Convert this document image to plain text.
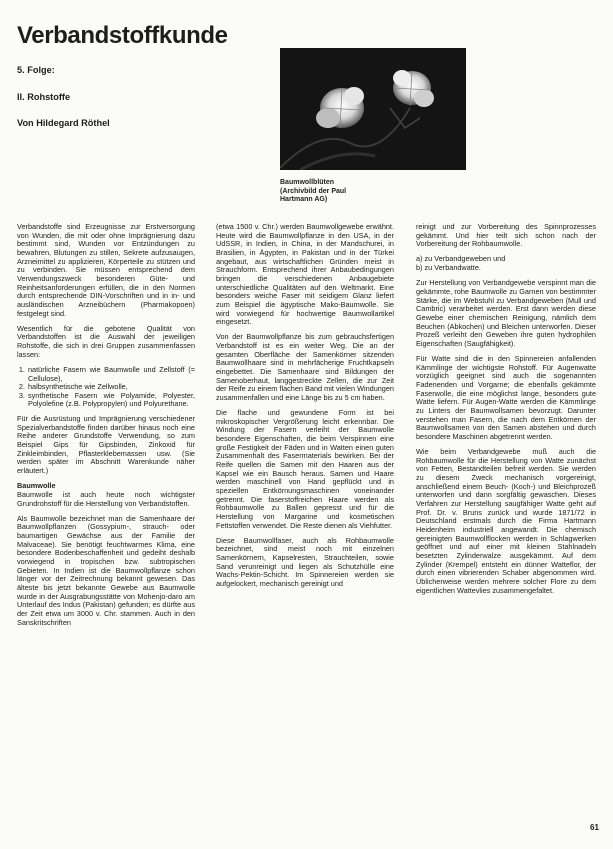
Verbandstoffkunde

5. Folge:

II. Rohstoffe

Von Hildegard Röthel

Baumwollblüten (Archivbild der Paul Hartmann AG)

Verbandstoffe sind Erzeugnisse zur Erstversorgung von Wunden, die mit oder ohne Imprägnierung dazu bestimmt sind, Wunden vor Entzündungen zu bewahren, Blutungen zu stillen, Sekrete aufzusaugen, Arzneimittel zu applizieren, Körperteile zu stützen und zu verbinden. Sie müssen entsprechend dem Verwendungszweck besonderen Güte- und Reinheitsanforderungen erfüllen, die in den Normen durch entsprechende DIN-Vorschriften und in in- und ausländischen Arzneibüchern (Pharmakopoen) festgelegt sind.

Wesentlich für die gebotene Qualität von Verbandstoffen ist die Auswahl der jeweiligen Rohstoffe, die sich in drei Gruppen zusammenfassen lassen:

1. natürliche Fasern wie Baumwolle und Zellstoff (= Cellulose),
2. halbsynthetische wie Zellwolle,
3. synthetische Fasern wie Polyamide, Polyester, Polyolefine (z.B. Polypropylen) und Polyurethane.

Für die Ausrüstung und Imprägnierung verschiedener Spezialverbandstoffe finden darüber hinaus noch eine Reihe anderer Grundstoffe Verwendung, so zum Beispiel Gips für Gipsbinden, Zinkoxid für Zinkleimbinden, Pflasterklebemassen usw. (Sie werden später im Abschnitt Warenkunde näher erläutert.)

Baumwolle

Baumwolle ist auch heute noch wichtigster Grundrohstoff für die Herstellung von Verbandstoffen.

Als Baumwolle bezeichnet man die Samenhaare der Baumwollpflanzen (Gossypium-, strauch- oder baumartigen Gewächse aus der Familie der Malvaceae). Sie benötigt feuchtwarmes Klima, eine besondere Bodenbeschaffenheit und gedeiht deshalb vorwiegend in tropischen bzw. subtropischen Gebieten. In Indien ist die Baumwollpflanze schon länger vor der Zeitrechnung bekannt gewesen. Das älteste bis jetzt bekannte Gewebe aus Baumwolle wurde in der Ausgrabungsstätte von Mohenjo-daro am Unterlauf des Indus (Pakistan) gefunden; es dürfte aus der Zeit etwa um 3000 v. Chr. stammen. Auch in den Sanskritschriften

(etwa 1500 v. Chr.) werden Baumwollgewebe erwähnt. Heute wird die Baumwollpflanze in den USA, in der UdSSR, in Indien, in China, in der Mandschurei, in Brasilien, in Ägypten, in Pakistan und in der Türkei angebaut, aus wirtschaftlichen Gründen meist in Strauchform. Entsprechend ihrer Anbaubedingungen bringen die verschiedenen Anbaugebiete unterschiedliche Qualitäten auf den Weltmarkt. Eine besonders weiche Faser mit seidigem Glanz liefert zum Beispiel die ägyptische Mako-Baumwolle. Sie wird vorwiegend für hochwertige Baumwollartikel eingesetzt.

Von der Baumwollpflanze bis zum gebrauchsfertigen Verbandstoff ist es ein weiter Weg. Die an der gesamten Oberfläche der Samenkörner sitzenden Baumwollhaare sind in mehrfächerige Fruchtkapseln eingebettet. Die Samenhaare sind Bildungen der Samenoberhaut, langgestreckte Zellen, die zur Zeit der Reife zu einem flachen Band mit vielen Windungen zusammenfallen und eine Länge bis zu 5 cm haben.

Die flache und gewundene Form ist bei mikroskopischer Vergrößerung leicht erkennbar. Die Windung der Fasern verleiht der Baumwolle besondere Eigenschaften, die beim Verspinnen eine große Festigkeit der Fäden und in Watten einen guten Zusammenhalt des Fasermaterials bewirken. Bei der Reife quellen die Samen mit den Haaren aus der Kapsel wie ein Bausch heraus. Samen und Haare werden maschinell von Hand gepflückt und in speziellen Entkörnungsmaschinen voneinander getrennt. Die faserstoffreichen Haare werden als Rohbaumwolle zu Ballen gepresst und für die Herstellung von Margarine und kosmetischen Fettstoffen verwendet. Die Reste dienen als Viehfutter.

Diese Baumwollfaser, auch als Rohbaumwolle bezeichnet, sind meist noch mit einzelnen Samenkörnern, Kapselresten, Strauchteilen, sowie Sand verunreinigt und liegen als Schutzhülle eine Wachs-Pektin-Schicht. Im Spinnereien werden sie aufgelockert, mechanisch gereinigt und

reinigt und zur Vorbereitung des Spinnprozesses gekämmt. Und hier teilt sich schon nach der Vorbereitung der Rohbaumwolle.

a) zu Verbandgeweben und

b) zu Verbandwatte.

Zur Herstellung von Verbandgewebe verspinnt man die gekämmte, rohe Baumwolle zu Garnen von bestimmter Stärke, die im Webstuhl zu Verbandgeweben (Mull und Cambric) verarbeitet werden. Erst dann werden diese Gewebe einer chemischen Reinigung, nämlich dem Beuchen (Abkochen) und Bleichen unterworfen. Dieser Prozeß verleiht den Geweben ihre guten hydrophilen Eigenschaften (Saugfähigkeit).

Für Watte sind die in den Spinnereien anfallenden Kämmlinge der wichtigste Rohstoff. Für Augenwatte vorzüglich geeignet sind auch die sogenannten Fadenenden und Vorgarne; die ebenfalls gekämmte Faserwolle, die eine möglichst lange, besonders gute Watte liefern. Für Augen-Watte werden die Kämmlinge zu Linters der Baumwollsamen bevorzugt. Darunter verstehen man Fasern, die nach dem Entkörnen der Baumwollsamen von den Samen abstehen und durch besondere Maschinen abgetrennt werden.

Wie beim Verbandgewebe muß auch die Rohbaumwolle für die Herstellung von Watte zunächst von Fetten, Bestandteilen befreit werden. Sie werden zu diesem Zweck mechanisch vorgereinigt, anschließend einem Beuch- (Koch-) und Bleichprozeß unterworfen und dann sorgfältig gewaschen. Dieses Verfahren zur Herstellung saugfähiger Watte geht auf Prof. Dr. v. Bruns zurück und wurde 1871/72 in Deutschland erstmals durch die Firma Hartmann Heidenheim industriell angewandt. Die chemisch gereinigten Baumwollflocken werden in Schlagwerken geöffnet und auf einer mit kleinen Stahlnadeln besetzten Zylinderwalze ausgekämmt. Auf dem Zylinder (Krempel) entsteht ein dünner Watteflor, der durch einen vibrierenden Schaber abgenommen wird. Üblicherweise werden mehrere solcher Flore zu dem eigentlichen Wattevlies zusammengefaltet.

61
